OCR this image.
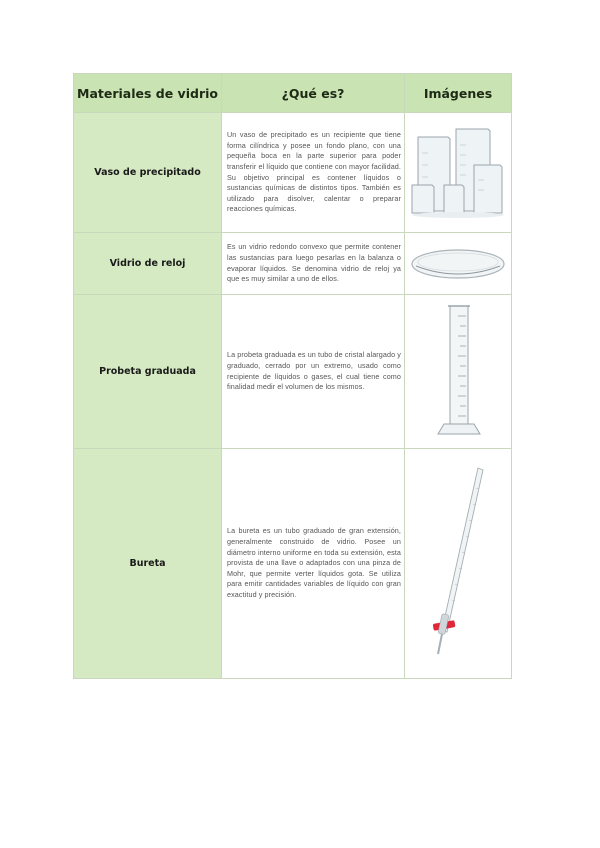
Materiales de vidrio	¿Qué es?	Imágenes
Vaso de precipitado	Un vaso de precipitado es un recipiente que tiene forma cilíndrica y posee un fondo plano, con una pequeña boca en la parte superior para poder transferir el líquido que contiene con mayor facilidad. Su objetivo principal es contener líquidos o sustancias químicas de distintos tipos. También es utilizado para disolver, calentar o preparar reacciones químicas.	

Vidrio de reloj	Es un vidrio redondo convexo que permite contener las sustancias para luego pesarlas en la balanza o evaporar líquidos. Se denomina vidrio de reloj ya que es muy similar a uno de ellos.	

Probeta graduada	La probeta graduada es un tubo de cristal alargado y graduado, cerrado por un extremo, usado como recipiente de líquidos o gases, el cual tiene como finalidad medir el volumen de los mismos.	

Bureta	La bureta es un tubo graduado de gran extensión, generalmente construido de vidrio. Posee un diámetro interno uniforme en toda su extensión, esta provista de una llave o adaptados con una pinza de Mohr, que permite verter líquidos gota. Se utiliza para emitir cantidades variables de líquido con gran exactitud y precisión.	
